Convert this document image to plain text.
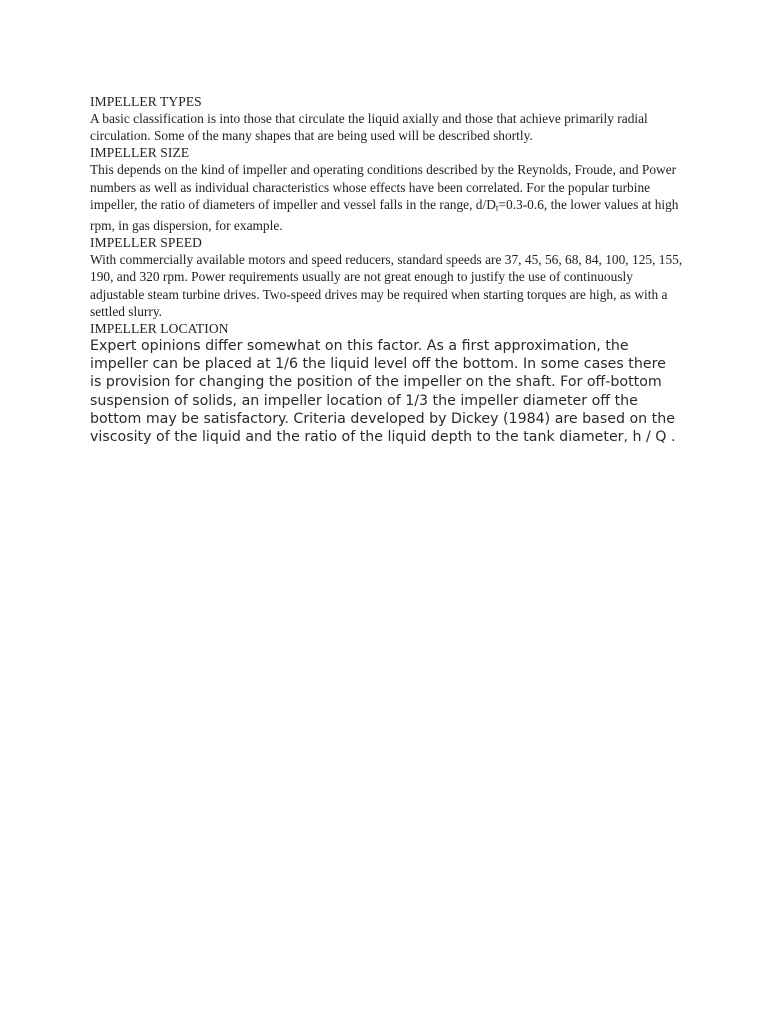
IMPELLER TYPES

A basic classification is into those that circulate the liquid axially and those that achieve primarily radial circulation. Some of the many shapes that are being used will be described shortly.

IMPELLER SIZE

This depends on the kind of impeller and operating conditions described by the Reynolds, Froude, and Power numbers as well as individual characteristics whose effects have been correlated. For the popular turbine impeller, the ratio of diameters of impeller and vessel falls in the range, $d/D_t=0.3-0.6$, the lower values at high rpm, in gas dispersion, for example.

IMPELLER SPEED

With commercially available motors and speed reducers, standard speeds are 37, 45, 56, 68, 84, 100, 125, 155, 190, and 320 rpm. Power requirements usually are not great enough to justify the use of continuously adjustable steam turbine drives. Two-speed drives may be required when starting torques are high, as with a settled slurry.

IMPELLER LOCATION

Expert opinions differ somewhat on this factor. As a first approximation, the impeller can be placed at 1/6 the liquid level off the bottom. In some cases there is provision for changing the position of the impeller on the shaft. For off-bottom suspension of solids, an impeller location of 1/3 the impeller diameter off the bottom may be satisfactory. Criteria developed by Dickey (1984) are based on the viscosity of the liquid and the ratio of the liquid depth to the tank diameter, h / Q .
